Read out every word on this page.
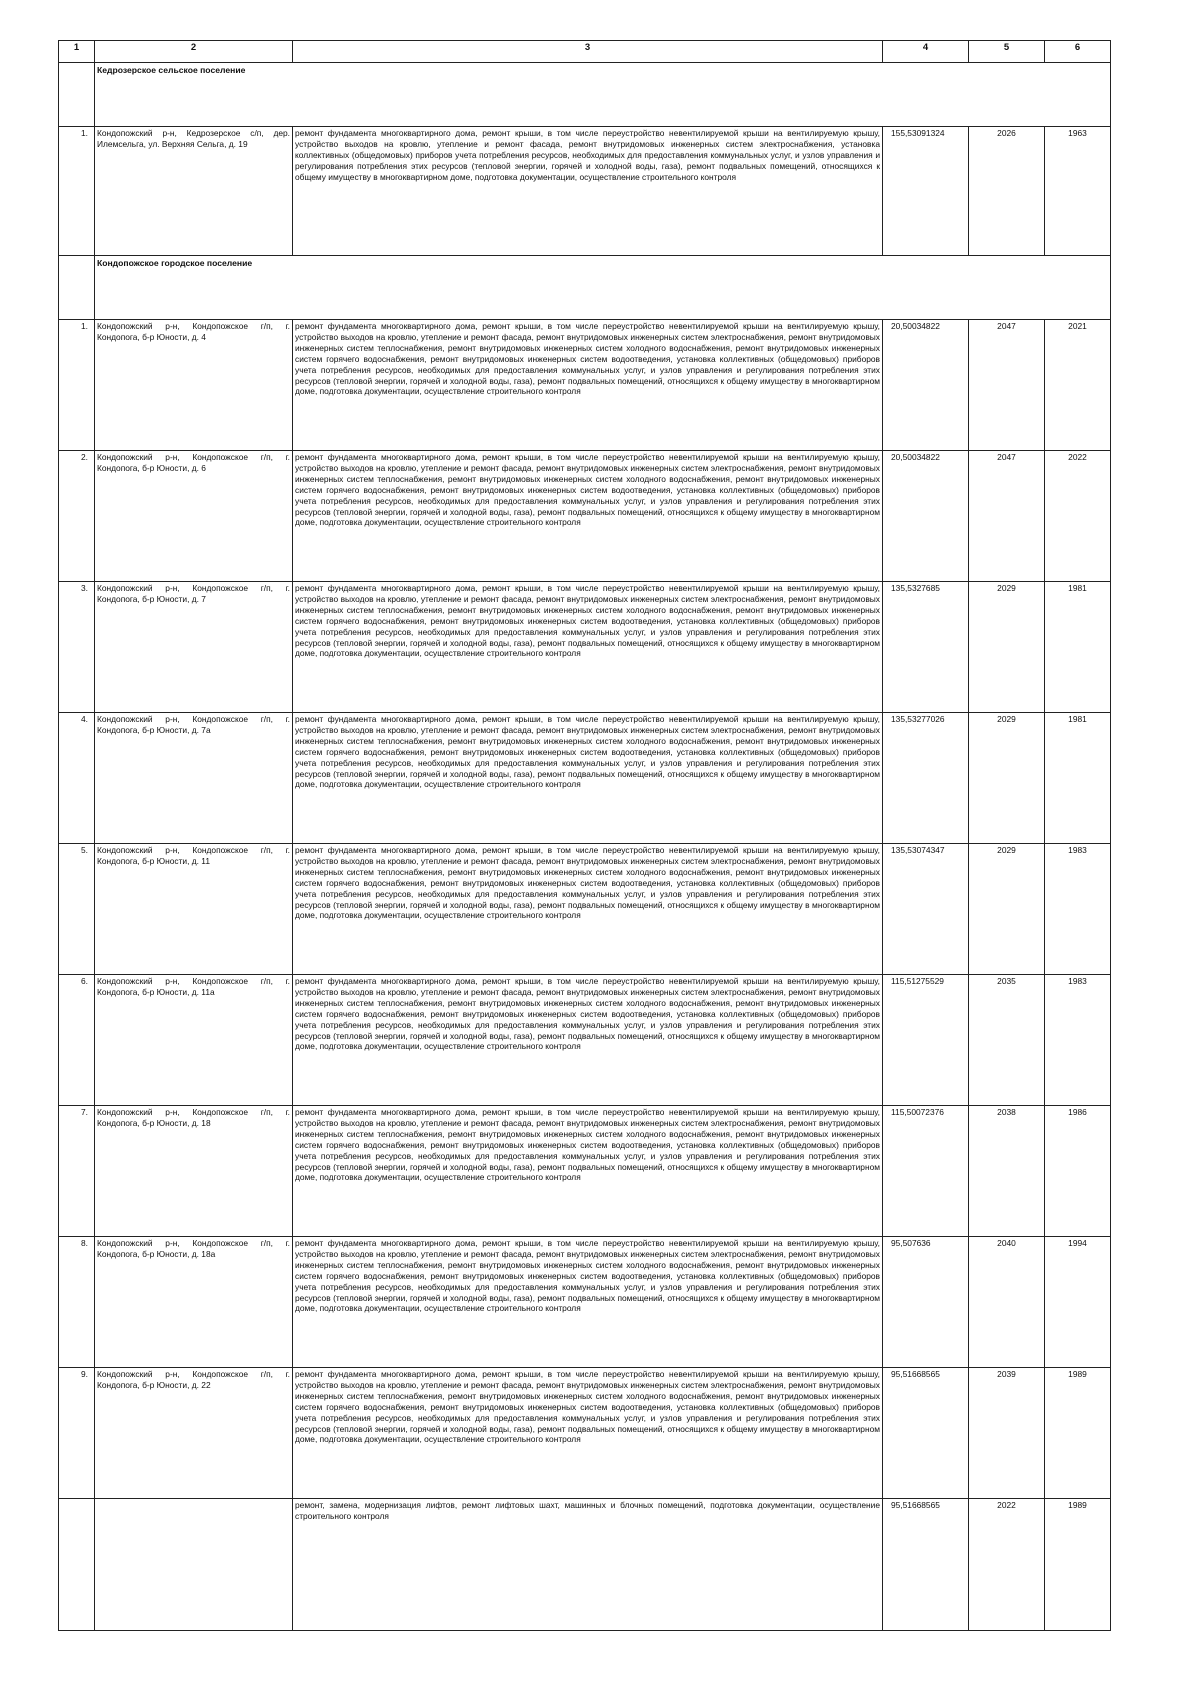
1	2	3	4	5	6
	Кедрозерское сельское поселение				
1.	Кондопожский р-н, Кедрозерское с/п, дер. Илемсельга, ул. Верхняя Сельга, д. 19	ремонт фундамента многоквартирного дома, ремонт крыши, в том числе переустройство невентилируемой крыши на вентилируемую крышу, устройство выходов на кровлю, утепление и ремонт фасада, ремонт внутридомовых инженерных систем электроснабжения, установка коллективных (общедомовых) приборов учета потребления ресурсов, необходимых для предоставления коммунальных услуг, и узлов управления и регулирования потребления этих ресурсов (тепловой энергии, горячей и холодной воды, газа), ремонт подвальных помещений, относящихся к общему имуществу в многоквартирном доме, подготовка документации, осуществление строительного контроля	155,53091324	2026	1963
	Кондопожское городское поселение				
1.	Кондопожский р-н, Кондопожское г/п, г. Кондопога, б-р Юности, д. 4	ремонт фундамента многоквартирного дома, ремонт крыши, в том числе переустройство невентилируемой крыши на вентилируемую крышу, устройство выходов на кровлю, утепление и ремонт фасада, ремонт внутридомовых инженерных систем электроснабжения, ремонт внутридомовых инженерных систем теплоснабжения, ремонт внутридомовых инженерных систем холодного водоснабжения, ремонт внутридомовых инженерных систем горячего водоснабжения, ремонт внутридомовых инженерных систем водоотведения, установка коллективных (общедомовых) приборов учета потребления ресурсов, необходимых для предоставления коммунальных услуг, и узлов управления и регулирования потребления этих ресурсов (тепловой энергии, горячей и холодной воды, газа), ремонт подвальных помещений, относящихся к общему имуществу в многоквартирном доме, подготовка документации, осуществление строительного контроля	20,50034822	2047	2021
2.	Кондопожский р-н, Кондопожское г/п, г. Кондопога, б-р Юности, д. 6	ремонт фундамента многоквартирного дома, ремонт крыши, в том числе переустройство невентилируемой крыши на вентилируемую крышу, устройство выходов на кровлю, утепление и ремонт фасада, ремонт внутридомовых инженерных систем электроснабжения, ремонт внутридомовых инженерных систем теплоснабжения, ремонт внутридомовых инженерных систем холодного водоснабжения, ремонт внутридомовых инженерных систем горячего водоснабжения, ремонт внутридомовых инженерных систем водоотведения, установка коллективных (общедомовых) приборов учета потребления ресурсов, необходимых для предоставления коммунальных услуг, и узлов управления и регулирования потребления этих ресурсов (тепловой энергии, горячей и холодной воды, газа), ремонт подвальных помещений, относящихся к общему имуществу в многоквартирном доме, подготовка документации, осуществление строительного контроля	20,50034822	2047	2022
3.	Кондопожский р-н, Кондопожское г/п, г. Кондопога, б-р Юности, д. 7	ремонт фундамента многоквартирного дома, ремонт крыши, в том числе переустройство невентилируемой крыши на вентилируемую крышу, устройство выходов на кровлю, утепление и ремонт фасада, ремонт внутридомовых инженерных систем электроснабжения, ремонт внутридомовых инженерных систем теплоснабжения, ремонт внутридомовых инженерных систем холодного водоснабжения, ремонт внутридомовых инженерных систем горячего водоснабжения, ремонт внутридомовых инженерных систем водоотведения, установка коллективных (общедомовых) приборов учета потребления ресурсов, необходимых для предоставления коммунальных услуг, и узлов управления и регулирования потребления этих ресурсов (тепловой энергии, горячей и холодной воды, газа), ремонт подвальных помещений, относящихся к общему имуществу в многоквартирном доме, подготовка документации, осуществление строительного контроля	135,5327685	2029	1981
4.	Кондопожский р-н, Кондопожское г/п, г. Кондопога, б-р Юности, д. 7а	ремонт фундамента многоквартирного дома, ремонт крыши, в том числе переустройство невентилируемой крыши на вентилируемую крышу, устройство выходов на кровлю, утепление и ремонт фасада, ремонт внутридомовых инженерных систем электроснабжения, ремонт внутридомовых инженерных систем теплоснабжения, ремонт внутридомовых инженерных систем холодного водоснабжения, ремонт внутридомовых инженерных систем горячего водоснабжения, ремонт внутридомовых инженерных систем водоотведения, установка коллективных (общедомовых) приборов учета потребления ресурсов, необходимых для предоставления коммунальных услуг, и узлов управления и регулирования потребления этих ресурсов (тепловой энергии, горячей и холодной воды, газа), ремонт подвальных помещений, относящихся к общему имуществу в многоквартирном доме, подготовка документации, осуществление строительного контроля	135,53277026	2029	1981
5.	Кондопожский р-н, Кондопожское г/п, г. Кондопога, б-р Юности, д. 11	ремонт фундамента многоквартирного дома, ремонт крыши, в том числе переустройство невентилируемой крыши на вентилируемую крышу, устройство выходов на кровлю, утепление и ремонт фасада, ремонт внутридомовых инженерных систем электроснабжения, ремонт внутридомовых инженерных систем теплоснабжения, ремонт внутридомовых инженерных систем холодного водоснабжения, ремонт внутридомовых инженерных систем горячего водоснабжения, ремонт внутридомовых инженерных систем водоотведения, установка коллективных (общедомовых) приборов учета потребления ресурсов, необходимых для предоставления коммунальных услуг, и узлов управления и регулирования потребления этих ресурсов (тепловой энергии, горячей и холодной воды, газа), ремонт подвальных помещений, относящихся к общему имуществу в многоквартирном доме, подготовка документации, осуществление строительного контроля	135,53074347	2029	1983
6.	Кондопожский р-н, Кондопожское г/п, г. Кондопога, б-р Юности, д. 11а	ремонт фундамента многоквартирного дома, ремонт крыши, в том числе переустройство невентилируемой крыши на вентилируемую крышу, устройство выходов на кровлю, утепление и ремонт фасада, ремонт внутридомовых инженерных систем электроснабжения, ремонт внутридомовых инженерных систем теплоснабжения, ремонт внутридомовых инженерных систем холодного водоснабжения, ремонт внутридомовых инженерных систем горячего водоснабжения, ремонт внутридомовых инженерных систем водоотведения, установка коллективных (общедомовых) приборов учета потребления ресурсов, необходимых для предоставления коммунальных услуг, и узлов управления и регулирования потребления этих ресурсов (тепловой энергии, горячей и холодной воды, газа), ремонт подвальных помещений, относящихся к общему имуществу в многоквартирном доме, подготовка документации, осуществление строительного контроля	115,51275529	2035	1983
7.	Кондопожский р-н, Кондопожское г/п, г. Кондопога, б-р Юности, д. 18	ремонт фундамента многоквартирного дома, ремонт крыши, в том числе переустройство невентилируемой крыши на вентилируемую крышу, устройство выходов на кровлю, утепление и ремонт фасада, ремонт внутридомовых инженерных систем электроснабжения, ремонт внутридомовых инженерных систем теплоснабжения, ремонт внутридомовых инженерных систем холодного водоснабжения, ремонт внутридомовых инженерных систем горячего водоснабжения, ремонт внутридомовых инженерных систем водоотведения, установка коллективных (общедомовых) приборов учета потребления ресурсов, необходимых для предоставления коммунальных услуг, и узлов управления и регулирования потребления этих ресурсов (тепловой энергии, горячей и холодной воды, газа), ремонт подвальных помещений, относящихся к общему имуществу в многоквартирном доме, подготовка документации, осуществление строительного контроля	115,50072376	2038	1986
8.	Кондопожский р-н, Кондопожское г/п, г. Кондопога, б-р Юности, д. 18а	ремонт фундамента многоквартирного дома, ремонт крыши, в том числе переустройство невентилируемой крыши на вентилируемую крышу, устройство выходов на кровлю, утепление и ремонт фасада, ремонт внутридомовых инженерных систем электроснабжения, ремонт внутридомовых инженерных систем теплоснабжения, ремонт внутридомовых инженерных систем холодного водоснабжения, ремонт внутридомовых инженерных систем горячего водоснабжения, ремонт внутридомовых инженерных систем водоотведения, установка коллективных (общедомовых) приборов учета потребления ресурсов, необходимых для предоставления коммунальных услуг, и узлов управления и регулирования потребления этих ресурсов (тепловой энергии, горячей и холодной воды, газа), ремонт подвальных помещений, относящихся к общему имуществу в многоквартирном доме, подготовка документации, осуществление строительного контроля	95,507636	2040	1994
9.	Кондопожский р-н, Кондопожское г/п, г. Кондопога, б-р Юности, д. 22	ремонт фундамента многоквартирного дома, ремонт крыши, в том числе переустройство невентилируемой крыши на вентилируемую крышу, устройство выходов на кровлю, утепление и ремонт фасада, ремонт внутридомовых инженерных систем электроснабжения, ремонт внутридомовых инженерных систем теплоснабжения, ремонт внутридомовых инженерных систем холодного водоснабжения, ремонт внутридомовых инженерных систем горячего водоснабжения, ремонт внутридомовых инженерных систем водоотведения, установка коллективных (общедомовых) приборов учета потребления ресурсов, необходимых для предоставления коммунальных услуг, и узлов управления и регулирования потребления этих ресурсов (тепловой энергии, горячей и холодной воды, газа), ремонт подвальных помещений, относящихся к общему имуществу в многоквартирном доме, подготовка документации, осуществление строительного контроля	95,51668565	2039	1989
		ремонт, замена, модернизация лифтов, ремонт лифтовых шахт, машинных и блочных помещений, подготовка документации, осуществление строительного контроля	95,51668565	2022	1989
